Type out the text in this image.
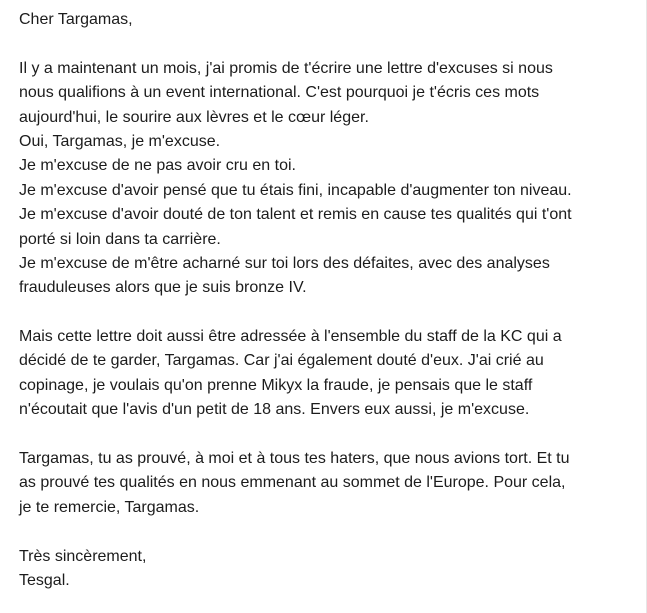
Cher Targamas,
Il y a maintenant un mois, j'ai promis de t'écrire une lettre d'excuses si nous
nous qualifions à un event international. C'est pourquoi je t'écris ces mots
aujourd'hui, le sourire aux lèvres et le cœur léger.
Oui, Targamas, je m'excuse.
Je m'excuse de ne pas avoir cru en toi.
Je m'excuse d'avoir pensé que tu étais fini, incapable d'augmenter ton niveau.
Je m'excuse d'avoir douté de ton talent et remis en cause tes qualités qui t'ont
porté si loin dans ta carrière.
Je m'excuse de m'être acharné sur toi lors des défaites, avec des analyses
frauduleuses alors que je suis bronze IV.
Mais cette lettre doit aussi être adressée à l'ensemble du staff de la KC qui a
décidé de te garder, Targamas. Car j'ai également douté d'eux. J'ai crié au
copinage, je voulais qu'on prenne Mikyx la fraude, je pensais que le staff
n'écoutait que l'avis d'un petit de 18 ans. Envers eux aussi, je m'excuse.
Targamas, tu as prouvé, à moi et à tous tes haters, que nous avions tort. Et tu
as prouvé tes qualités en nous emmenant au sommet de l'Europe. Pour cela,
je te remercie, Targamas.
Très sincèrement,
Tesgal.
